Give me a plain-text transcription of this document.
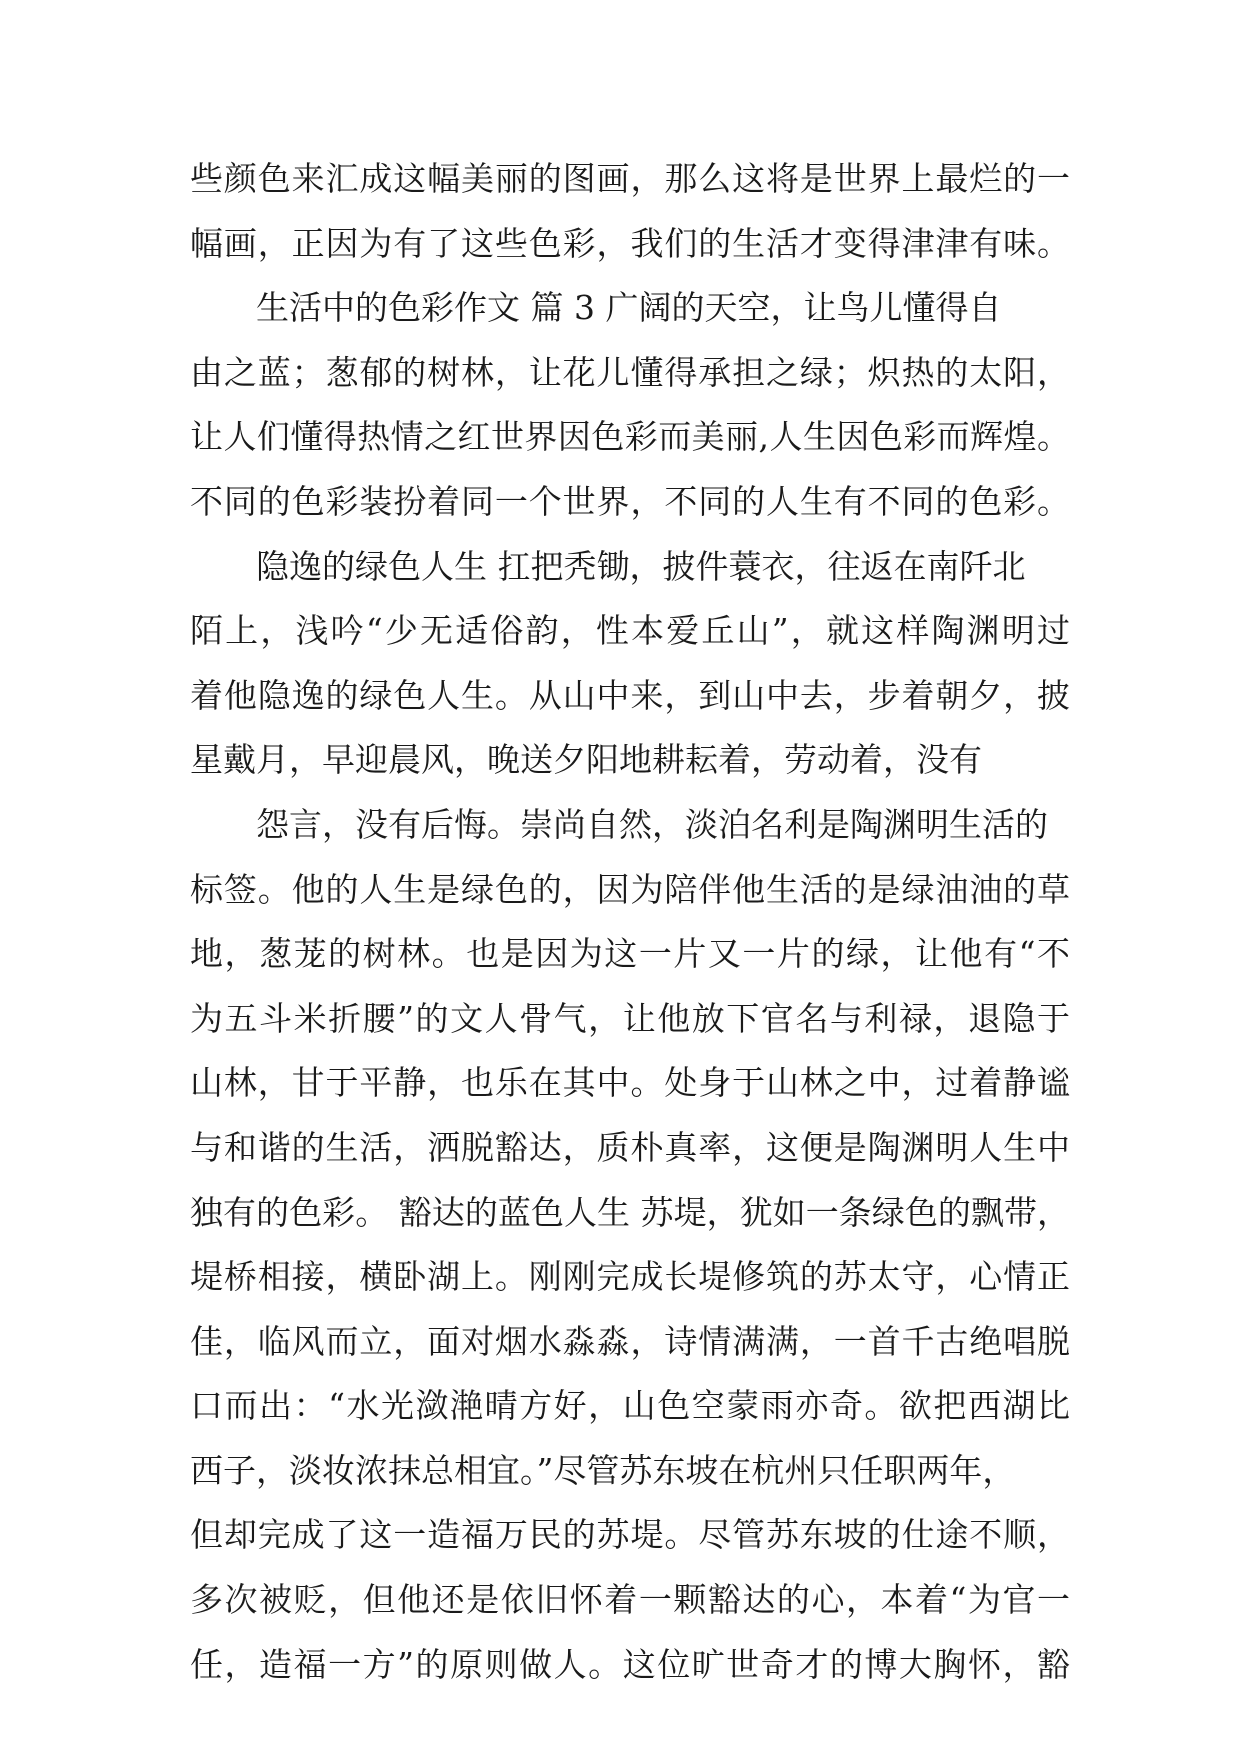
些颜色来汇成这幅美丽的图画，那么这将是世界上最烂的一
幅画，正因为有了这些色彩，我们的生活才变得津津有味。
生活中的色彩作文 篇 3 广阔的天空，让鸟儿懂得自
由之蓝；葱郁的树林，让花儿懂得承担之绿；炽热的太阳，
让人们懂得热情之红世界因色彩而美丽,人生因色彩而辉煌。
不同的色彩装扮着同一个世界，不同的人生有不同的色彩。
隐逸的绿色人生 扛把秃锄，披件蓑衣，往返在南阡北
陌上，浅吟“少无适俗韵，性本爱丘山”，就这样陶渊明过
着他隐逸的绿色人生。从山中来，到山中去，步着朝夕，披
星戴月，早迎晨风，晚送夕阳地耕耘着，劳动着，没有
怨言，没有后悔。崇尚自然，淡泊名利是陶渊明生活的
标签。他的人生是绿色的，因为陪伴他生活的是绿油油的草
地，葱茏的树林。也是因为这一片又一片的绿，让他有“不
为五斗米折腰”的文人骨气，让他放下官名与利禄，退隐于
山林，甘于平静，也乐在其中。处身于山林之中，过着静谧
与和谐的生活，洒脱豁达，质朴真率，这便是陶渊明人生中
独有的色彩。 豁达的蓝色人生 苏堤，犹如一条绿色的飘带，
堤桥相接，横卧湖上。刚刚完成长堤修筑的苏太守，心情正
佳，临风而立，面对烟水淼淼，诗情满满，一首千古绝唱脱
口而出：“水光潋滟晴方好，山色空蒙雨亦奇。欲把西湖比
西子，淡妆浓抹总相宜。”尽管苏东坡在杭州只任职两年，
但却完成了这一造福万民的苏堤。尽管苏东坡的仕途不顺，
多次被贬，但他还是依旧怀着一颗豁达的心，本着“为官一
任，造福一方”的原则做人。这位旷世奇才的博大胸怀，豁
